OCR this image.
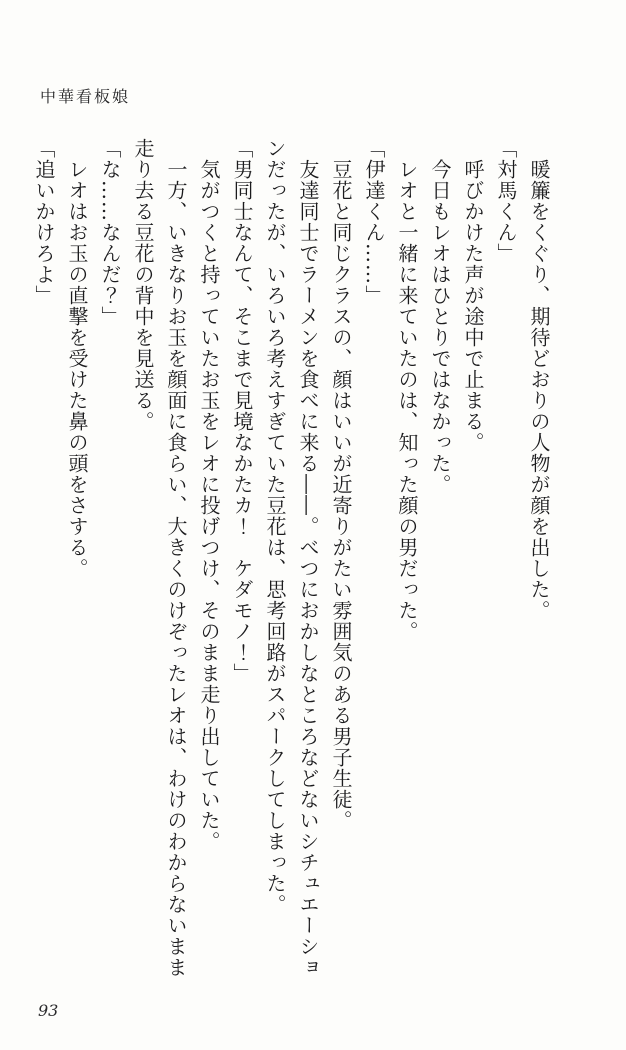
中華看板娘

　暖簾をくぐり、期待どおりの人物が顔を出した。

「対馬くん」

　呼びかけた声が途中で止まる。

　今日もレオはひとりではなかった。

　レオと一緒に来ていたのは、知った顔の男だった。

「伊達くん……」

　豆花と同じクラスの、顔はいいが近寄りがたい雰囲気のある男子生徒。

　友達同士でラーメンを食べに来る――。べつにおかしなところなどないシチュエーションだったが、いろいろ考えすぎていた豆花は、思考回路がスパークしてしまった。

「男同士なんて、そこまで見境なかたカ！　ケダモノ！」

　気がつくと持っていたお玉をレオに投げつけ、そのまま走り出していた。

　一方、いきなりお玉を顔面に食らい、大きくのけぞったレオは、わけのわからないまま走り去る豆花の背中を見送る。

「な……なんだ？」

　レオはお玉の直撃を受けた鼻の頭をさする。

「追いかけろよ」

93
